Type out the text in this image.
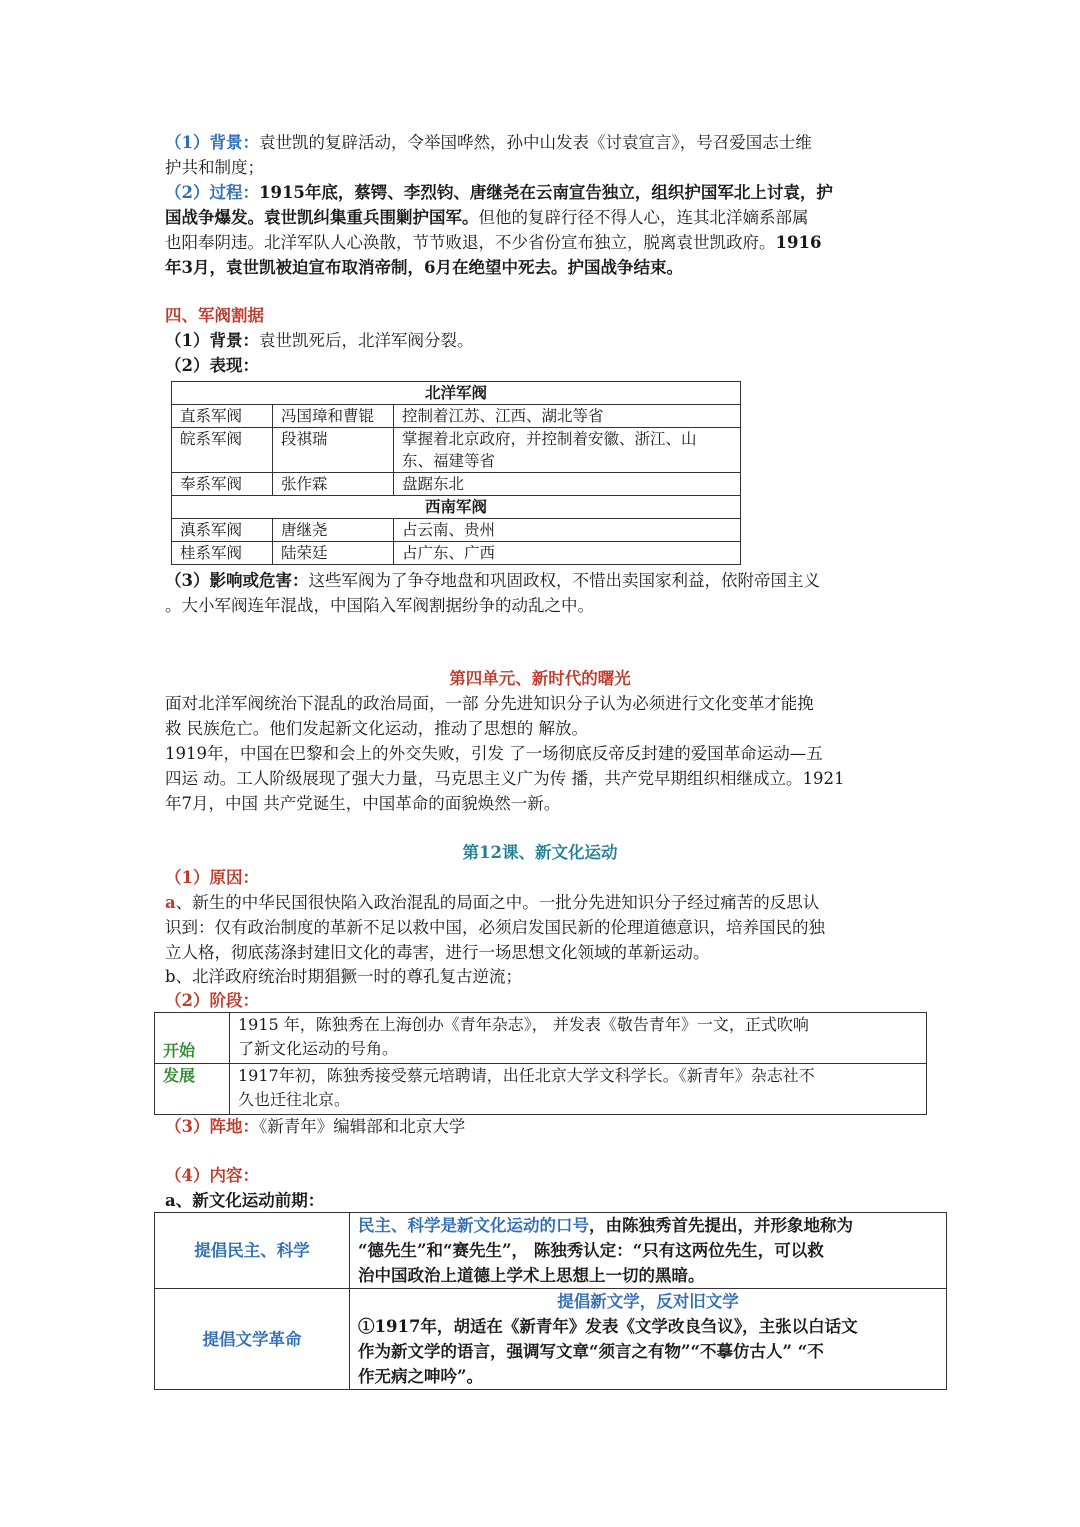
（1）背景：袁世凯的复辟活动，令举国哗然，孙中山发表《讨袁宣言》，号召爱国志士维
护共和制度；
（2）过程：1915年底，蔡锷、李烈钧、唐继尧在云南宣告独立，组织护国军北上讨袁，护
国战争爆发。袁世凯纠集重兵围剿护国军。但他的复辟行径不得人心，连其北洋嫡系部属
也阳奉阴违。北洋军队人心涣散，节节败退，不少省份宣布独立，脱离袁世凯政府。1916
年3月，袁世凯被迫宣布取消帝制，6月在绝望中死去。护国战争结束。
四、军阀割据
（1）背景：袁世凯死后，北洋军阀分裂。
（2）表现：
北洋军阀		
直系军阀	冯国璋和曹锟	控制着江苏、江西、湖北等省
皖系军阀	段祺瑞	掌握着北京政府，并控制着安徽、浙江、山
东、福建等省

奉系军阀	张作霖	盘踞东北
西南军阀		
滇系军阀	唐继尧	占云南、贵州
桂系军阀	陆荣廷	占广东、广西
（3）影响或危害：这些军阀为了争夺地盘和巩固政权，不惜出卖国家利益，依附帝国主义
。大小军阀连年混战，中国陷入军阀割据纷争的动乱之中。
第四单元、新时代的曙光
面对北洋军阀统治下混乱的政治局面，一部 分先进知识分子认为必须进行文化变革才能挽
救 民族危亡。他们发起新文化运动，推动了思想的 解放。
1919年，中国在巴黎和会上的外交失败，引发 了一场彻底反帝反封建的爱国革命运动—五
四运 动。工人阶级展现了强大力量，马克思主义广为传 播，共产党早期组织相继成立。1921
年7月，中国 共产党诞生，中国革命的面貌焕然一新。
第12课、新文化运动
（1）原因：
a、新生的中华民国很快陷入政治混乱的局面之中。一批分先进知识分子经过痛苦的反思认
识到：仅有政治制度的革新不足以救中国，必须启发国民新的伦理道德意识，培养国民的独
立人格，彻底荡涤封建旧文化的毒害，进行一场思想文化领域的革新运动。
b、北洋政府统治时期猖獗一时的尊孔复古逆流；
（2）阶段：
开始	1915 年，陈独秀在上海创办《青年杂志》， 并发表《敬告青年》一文，正式吹响
了新文化运动的号角。

发展	1917年初，陈独秀接受蔡元培聘请，出任北京大学文科学长。《新青年》杂志社不
久也迁往北京。
（3）阵地：《新青年》编辑部和北京大学
（4）内容：
a、新文化运动前期：
提倡民主、科学	民主、科学是新文化运动的口号，由陈独秀首先提出，并形象地称为
“德先生”和“赛先生”， 陈独秀认定：“只有这两位先生，可以救
治中国政治上道德上学术上思想上一切的黑暗。

提倡文学革命	提倡新文学，反对旧文学
①1917年，胡适在《新青年》发表《文学改良刍议》，主张以白话文
作为新文学的语言，强调写文章“须言之有物”“不摹仿古人” “不
作无病之呻吟”。
